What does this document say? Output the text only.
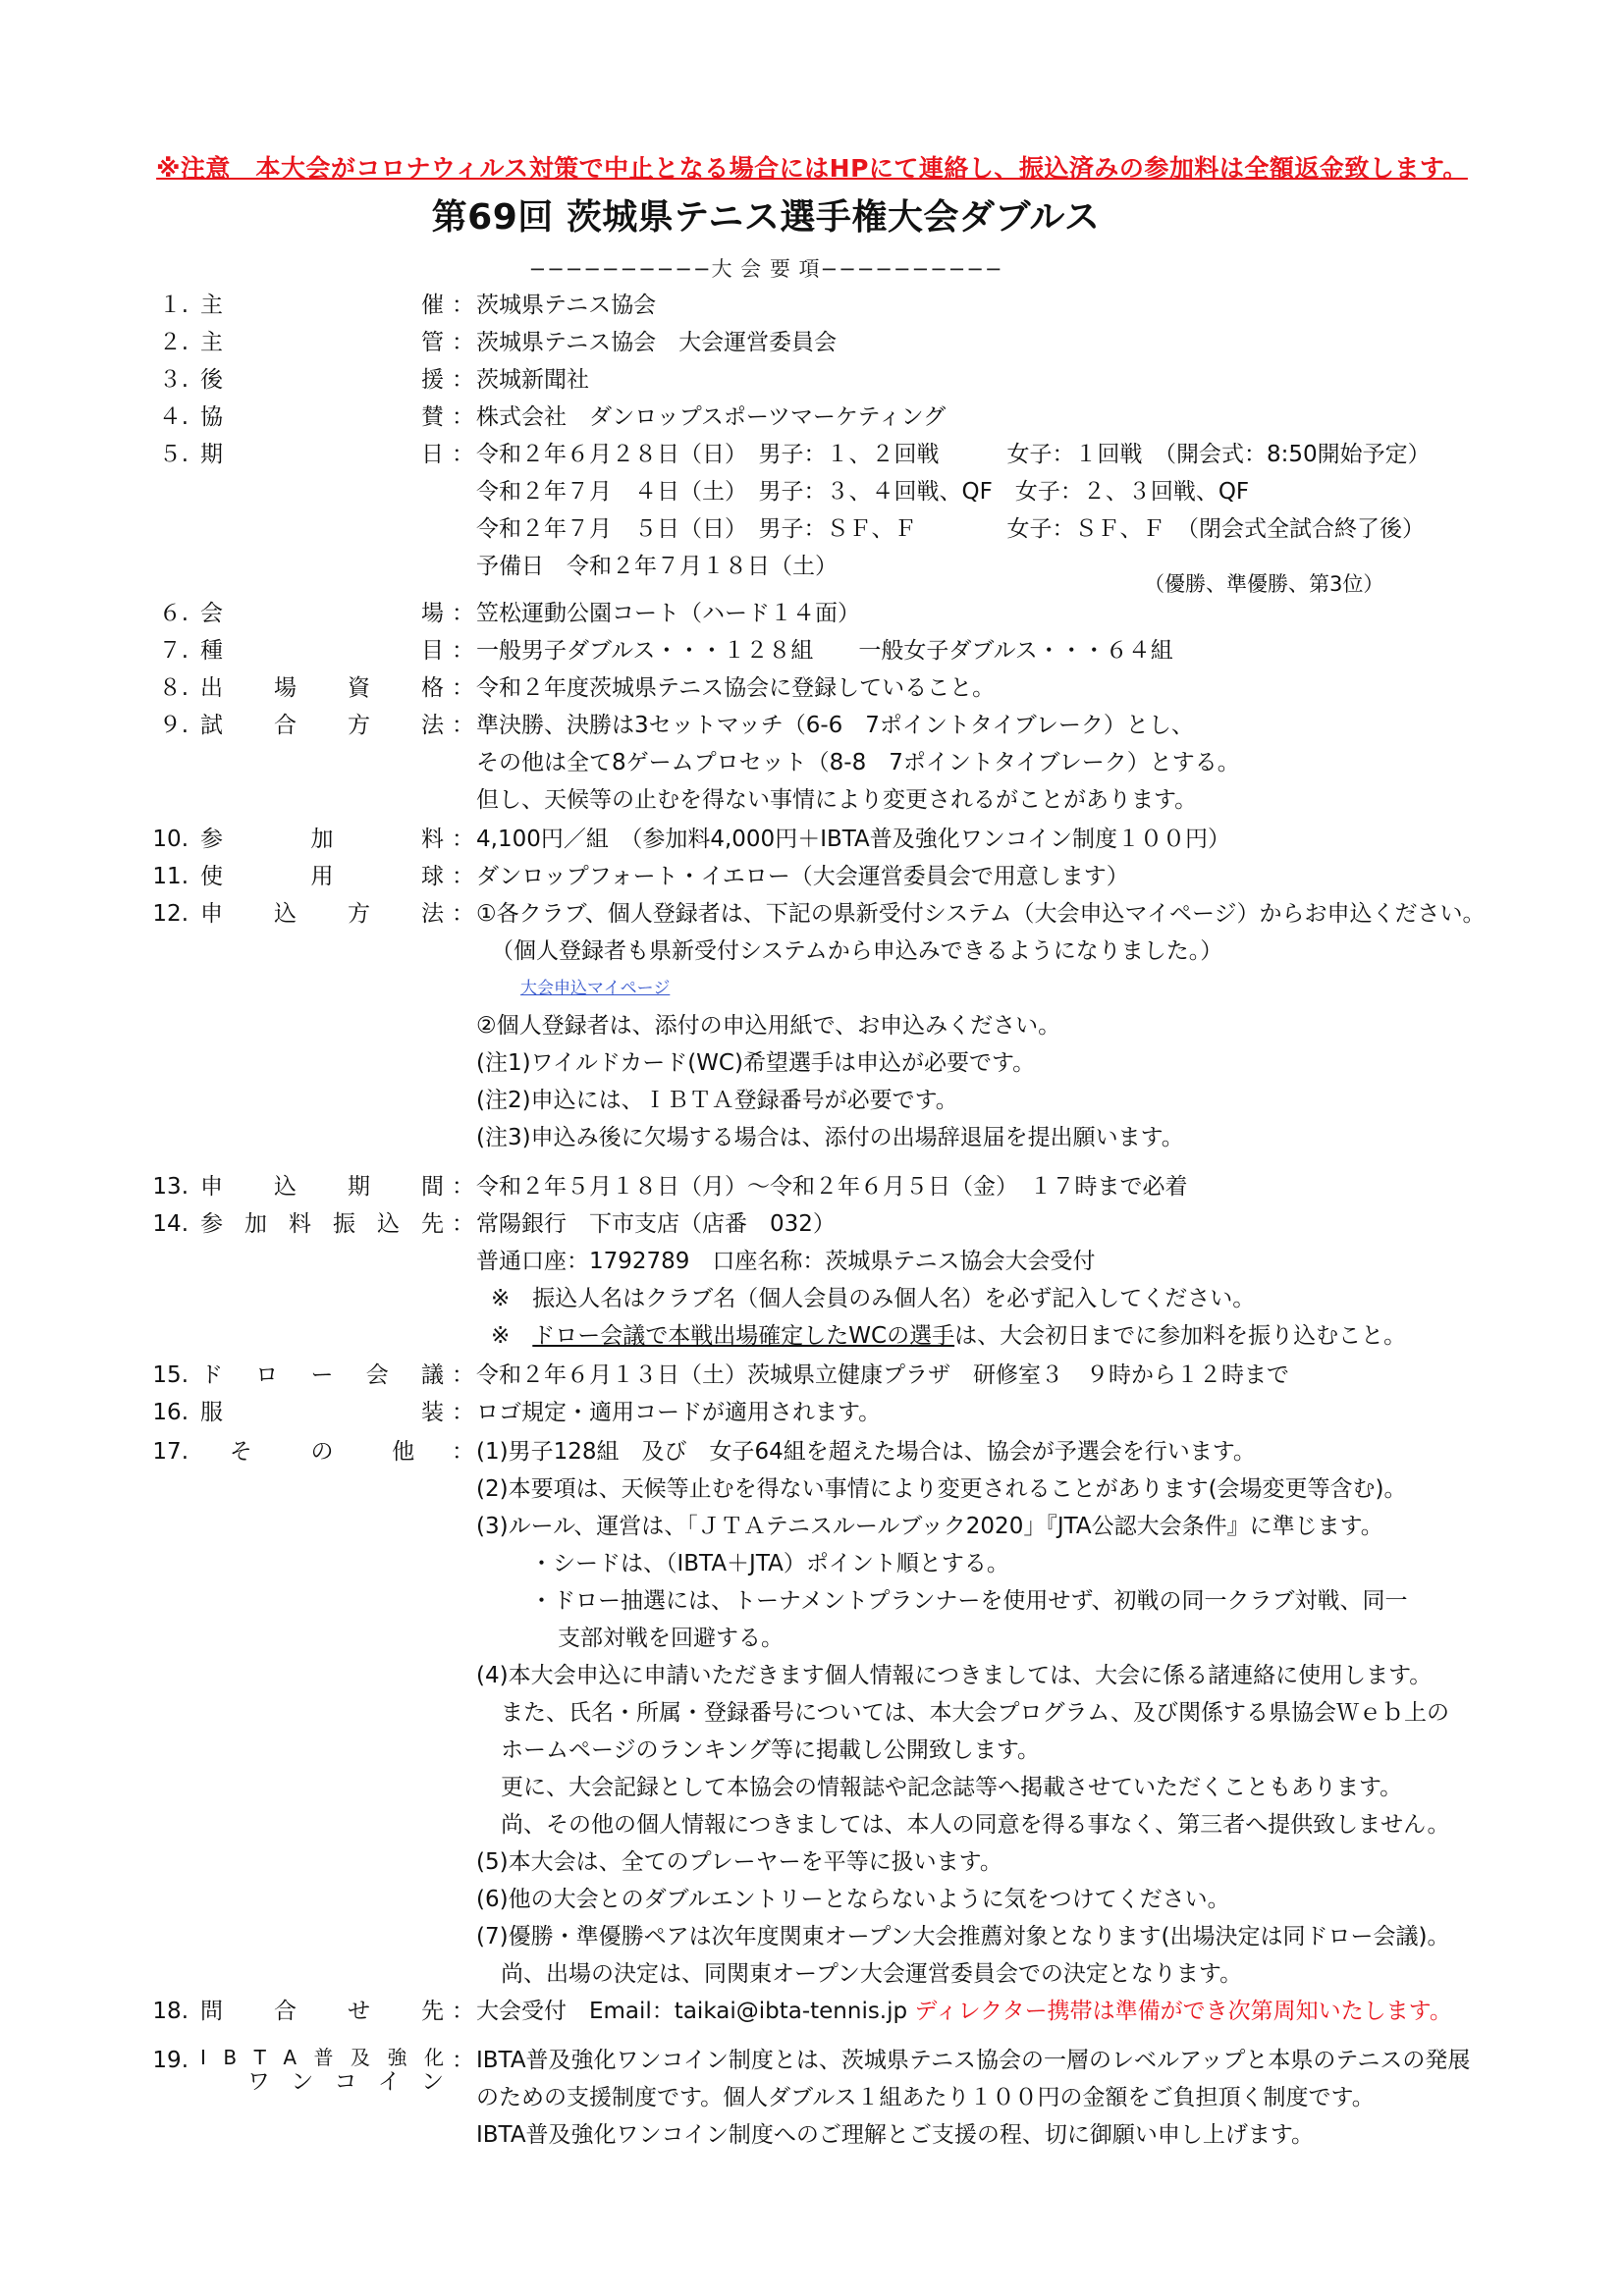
※注意　本大会がコロナウィルス対策で中止となる場合にはHPにて連絡し、振込済みの参加料は全額返金致します。
第69回 茨城県テニス選手権大会ダブルス
−−−−−−−−−−大 会 要 項−−−−−−−−−−
１. 主	催 ： 茨城県テニス協会
２. 主	管 ： 茨城県テニス協会　大会運営委員会
３. 後	援 ： 茨城新聞社
４. 協	賛 ： 株式会社　ダンロップスポーツマーケティング
５. 期	日 ： 令和２年６月２８日（日）　男子：１、２回戦　　　女子：１回戦　（開会式：8:50開始予定）
令和２年７月　４日（土）　男子：３、４回戦、QF　女子：２、３回戦、QF
令和２年７月　５日（日）　男子：ＳＦ、Ｆ　　　　女子：ＳＦ、Ｆ　（閉会式全試合終了後）
予備日　令和２年７月１８日（土）
（優勝、準優勝、第3位）
６. 会	場 ： 笠松運動公園コート（ハード１４面）
７. 種	目 ： 一般男子ダブルス・・・１２８組　　一般女子ダブルス・・・６４組
８. 出 場 資 格 ： 令和２年度茨城県テニス協会に登録していること。
９. 試 合 方 法 ： 準決勝、決勝は3セットマッチ（6-6　7ポイントタイブレーク）とし、
その他は全て8ゲームプロセット（8-8　7ポイントタイブレーク）とする。
但し、天候等の止むを得ない事情により変更されるがことがあります。
10. 参	加	料 ： 4,100円／組　（参加料4,000円＋IBTA普及強化ワンコイン制度１００円）
11. 使	用	球 ： ダンロップフォート・イエロー（大会運営委員会で用意します）
12. 申 込 方 法 ： ①各クラブ、個人登録者は、下記の県新受付システム（大会申込マイページ）からお申込ください。
（個人登録者も県新受付システムから申込みできるようになりました。）
大会申込マイページ
②個人登録者は、添付の申込用紙で、お申込みください。
(注1)ワイルドカード(WC)希望選手は申込が必要です。
(注2)申込には、ＩＢＴＡ登録番号が必要です。
(注3)申込み後に欠場する場合は、添付の出場辞退届を提出願います。
13. 申 込 期 間 ： 令和２年５月１８日（月）〜令和２年６月５日（金）　１７時まで必着
14. 参 加 料 振 込 先 ： 常陽銀行　下市支店（店番　032）
普通口座：1792789　口座名称：茨城県テニス協会大会受付
※　振込人名はクラブ名（個人会員のみ個人名）を必ず記入してください。
※　ドロー会議で本戦出場確定したWCの選手は、大会初日までに参加料を振り込むこと。
15. ド ロ ー 会 議 ： 令和２年６月１３日（土）茨城県立健康プラザ　研修室３　９時から１２時まで
16. 服	装 ： ロゴ規定・適用コードが適用されます。
17. そ	の	他 ： (1)男子128組　及び　女子64組を超えた場合は、協会が予選会を行います。
(2)本要項は、天候等止むを得ない事情により変更されることがあります(会場変更等含む)。
(3)ルール、運営は、「ＪＴＡテニスルールブック2020」『JTA公認大会条件』に準じます。
・シードは、（IBTA＋JTA）ポイント順とする。
・ドロー抽選には、トーナメントプランナーを使用せず、初戦の同一クラブ対戦、同一
支部対戦を回避する。
(4)本大会申込に申請いただきます個人情報につきましては、大会に係る諸連絡に使用します。
また、氏名・所属・登録番号については、本大会プログラム、及び関係する県協会Ｗｅｂ上の
ホームページのランキング等に掲載し公開致します。
更に、大会記録として本協会の情報誌や記念誌等へ掲載させていただくこともあります。
尚、その他の個人情報につきましては、本人の同意を得る事なく、第三者へ提供致しません。
(5)本大会は、全てのプレーヤーを平等に扱います。
(6)他の大会とのダブルエントリーとならないように気をつけてください。
(7)優勝・準優勝ペアは次年度関東オープン大会推薦対象となります(出場決定は同ドロー会議)。
尚、出場の決定は、同関東オープン大会運営委員会での決定となります。
18. 問 合 せ 先 ： 大会受付　Email：taikai@ibta-tennis.jp ディレクター携帯は準備ができ次第周知いたします。
19. I B T A 普 及 強 化
ワ ン コ イ ン
： IBTA普及強化ワンコイン制度とは、茨城県テニス協会の一層のレベルアップと本県のテニスの発展
のための支援制度です。個人ダブルス１組あたり１００円の金額をご負担頂く制度です。
IBTA普及強化ワンコイン制度へのご理解とご支援の程、切に御願い申し上げます。
